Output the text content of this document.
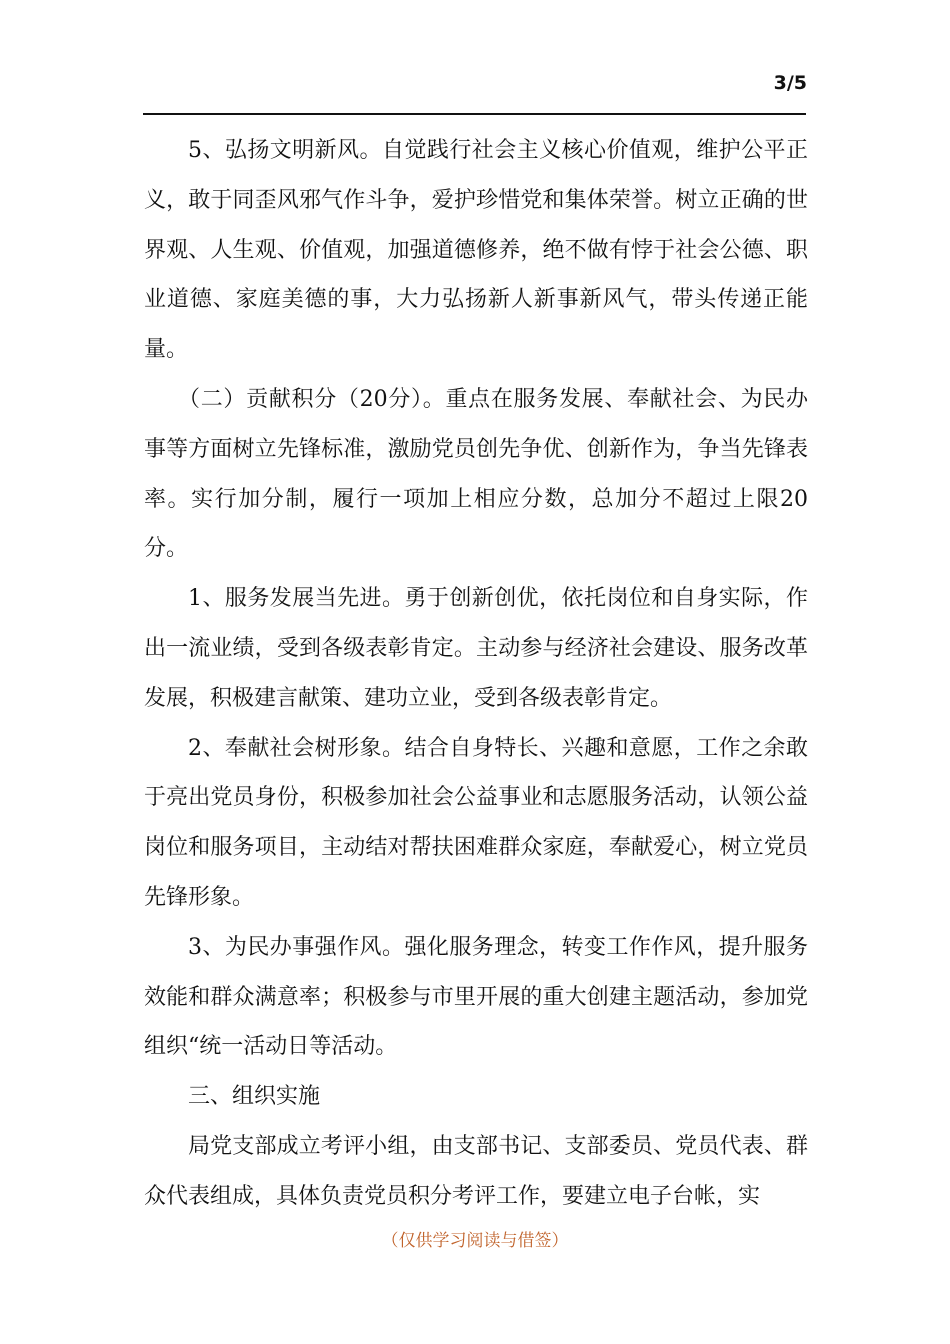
3/5

5、弘扬文明新风。自觉践行社会主义核心价值观，维护公平正义，敢于同歪风邪气作斗争，爱护珍惜党和集体荣誉。树立正确的世界观、人生观、价值观，加强道德修养，绝不做有悖于社会公德、职业道德、家庭美德的事，大力弘扬新人新事新风气，带头传递正能量。

（二）贡献积分（20分）。重点在服务发展、奉献社会、为民办事等方面树立先锋标准，激励党员创先争优、创新作为，争当先锋表率。实行加分制，履行一项加上相应分数，总加分不超过上限20分。

1、服务发展当先进。勇于创新创优，依托岗位和自身实际，作出一流业绩，受到各级表彰肯定。主动参与经济社会建设、服务改革发展，积极建言献策、建功立业，受到各级表彰肯定。

2、奉献社会树形象。结合自身特长、兴趣和意愿，工作之余敢于亮出党员身份，积极参加社会公益事业和志愿服务活动，认领公益岗位和服务项目，主动结对帮扶困难群众家庭，奉献爱心，树立党员先锋形象。

3、为民办事强作风。强化服务理念，转变工作作风，提升服务效能和群众满意率；积极参与市里开展的重大创建主题活动，参加党组织“统一活动日等活动。

三、组织实施

局党支部成立考评小组，由支部书记、支部委员、党员代表、群众代表组成，具体负责党员积分考评工作，要建立电子台帐，实

（仅供学习阅读与借签）
